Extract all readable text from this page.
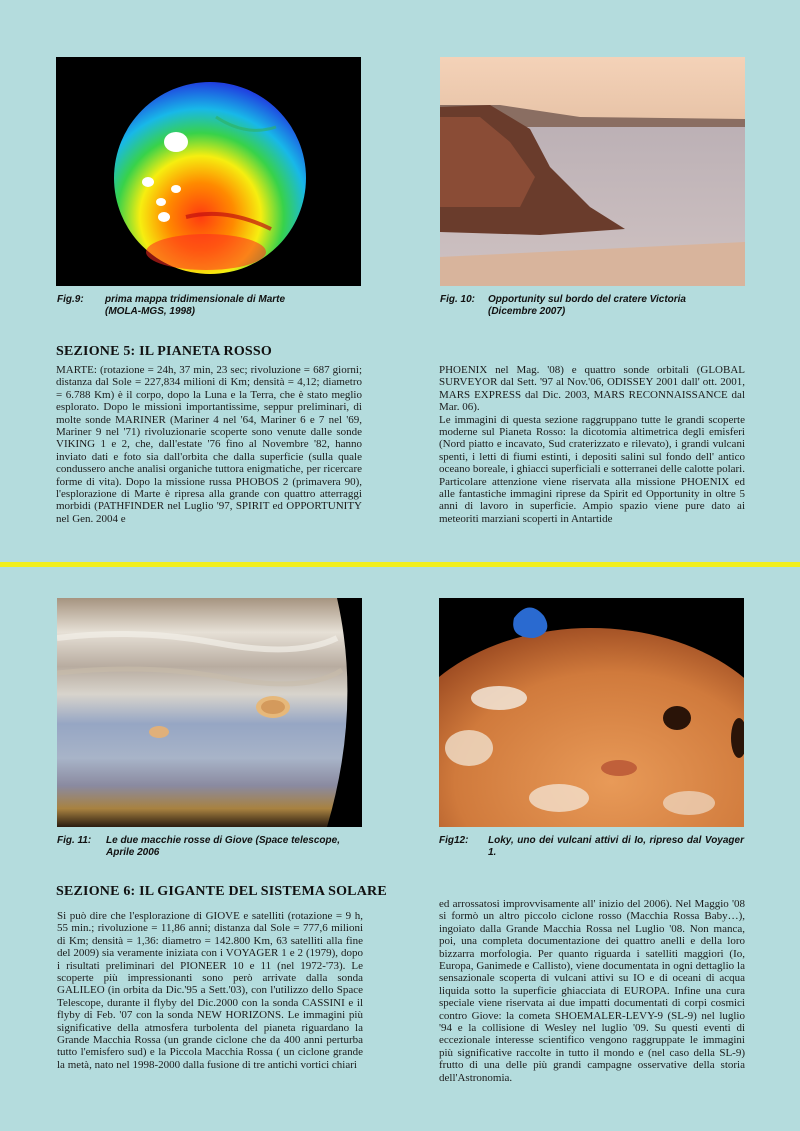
Fig.9: prima mappa tridimensionale di Marte (MOLA-MGS, 1998)
Fig. 10: Opportunity sul bordo del cratere Victoria (Dicembre 2007)
SEZIONE 5: IL PIANETA ROSSO

MARTE: (rotazione = 24h, 37 min, 23 sec; rivoluzione = 687 giorni; distanza dal Sole = 227,834 milioni di Km; densità = 4,12; diametro = 6.788 Km) è il corpo, dopo la Luna e la Terra, che è stato meglio esplorato. Dopo le missioni importantissime, seppur preliminari, di molte sonde MARINER (Mariner 4 nel '64, Mariner 6 e 7 nel '69, Mariner 9 nel '71) rivoluzionarie scoperte sono venute dalle sonde VIKING 1 e 2, che, dall'estate '76 fino al Novembre '82, hanno inviato dati e foto sia dall'orbita che dalla superficie (sulla quale condussero anche analisi organiche tuttora enigmatiche, per ricercare forme di vita). Dopo la missione russa PHOBOS 2 (primavera 90), l'esplorazione di Marte è ripresa alla grande con quattro atterraggi morbidi (PATHFINDER nel Luglio '97, SPIRIT ed OPPORTUNITY nel Gen. 2004 e

PHOENIX nel Mag. '08) e quattro sonde orbitali (GLOBAL SURVEYOR dal Sett. '97 al Nov.'06, ODISSEY 2001 dall' ott. 2001, MARS EXPRESS dal Dic. 2003, MARS RECONNAISSANCE dal Mar. 06).

Le immagini di questa sezione raggruppano tutte le grandi scoperte moderne sul Pianeta Rosso: la dicotomia altimetrica degli emisferi (Nord piatto e incavato, Sud craterizzato e rilevato), i grandi vulcani spenti, i letti di fiumi estinti, i depositi salini sul fondo dell' antico oceano boreale, i ghiacci superficiali e sotterranei delle calotte polari. Particolare attenzione viene riservata alla missione PHOENIX ed alle fantastiche immagini riprese da Spirit ed Opportunity in oltre 5 anni di lavoro in superficie. Ampio spazio viene pure dato ai meteoriti marziani scoperti in Antartide

Fig. 11: Le due macchie rosse di Giove (Space telescope, Aprile 2006
Fig12: Loky, uno dei vulcani attivi di Io, ripreso dal Voyager 1.
SEZIONE 6: IL GIGANTE DEL SISTEMA SOLARE

Si può dire che l'esplorazione di GIOVE e satelliti (rotazione = 9 h, 55 min.; rivoluzione = 11,86 anni; distanza dal Sole = 777,6 milioni di Km; densità = 1,36: diametro = 142.800 Km, 63 satelliti alla fine del 2009) sia veramente iniziata con i VOYAGER 1 e 2 (1979), dopo i risultati preliminari del PIONEER 10 e 11 (nel 1972-'73). Le scoperte più impressionanti sono però arrivate dalla sonda GALILEO (in orbita da Dic.'95 a Sett.'03), con l'utilizzo dello Space Telescope, durante il flyby del Dic.2000 con la sonda CASSINI e il flyby di Feb. '07 con la sonda NEW HORIZONS. Le immagini più significative della atmosfera turbolenta del pianeta riguardano la Grande Macchia Rossa (un grande ciclone che da 400 anni perturba tutto l'emisfero sud) e la Piccola Macchia Rossa ( un ciclone grande la metà, nato nel 1998-2000 dalla fusione di tre antichi vortici chiari

ed arrossatosi improvvisamente all' inizio del 2006). Nel Maggio '08 si formò un altro piccolo ciclone rosso (Macchia Rossa Baby…), ingoiato dalla Grande Macchia Rossa nel Luglio '08. Non manca, poi, una completa documentazione dei quattro anelli e della loro bizzarra morfologia. Per quanto riguarda i satelliti maggiori (Io, Europa, Ganimede e Callisto), viene documentata in ogni dettaglio la sensazionale scoperta di vulcani attivi su IO e di oceani di acqua liquida sotto la superficie ghiacciata di EUROPA. Infine una cura speciale viene riservata ai due impatti documentati di corpi cosmici contro Giove: la cometa SHOEMALER-LEVY-9 (SL-9) nel luglio '94 e la collisione di Wesley nel luglio '09. Su questi eventi di eccezionale interesse scientifico vengono raggruppate le immagini più significative raccolte in tutto il mondo e (nel caso della SL-9) frutto di una delle più grandi campagne osservative della storia dell'Astronomia.
